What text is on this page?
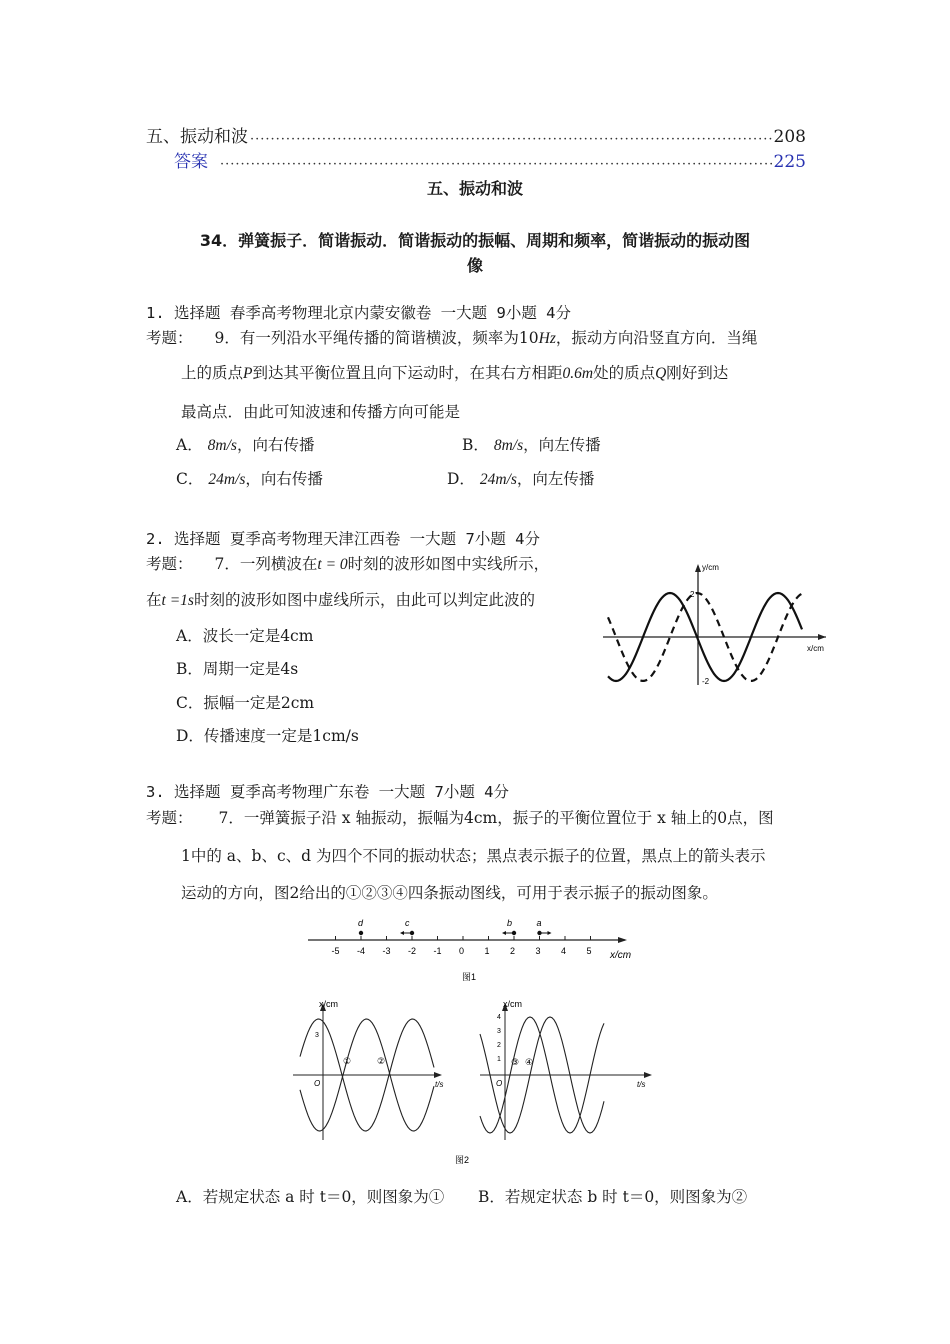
五、振动和波 ·····	208
答案 ·····	225
五、振动和波
34．弹簧振子．简谐振动．简谐振动的振幅、周期和频率，简谐振动的振动图
像
1. 选择题 春季高考物理北京内蒙安徽卷 一大题 9小题 4分
考题： 9．有一列沿水平绳传播的简谐横波，频率为10Hz，振动方向沿竖直方向．当绳
上的质点P到达其平衡位置且向下运动时，在其右方相距0.6m处的质点Q刚好到达
最高点．由此可知波速和传播方向可能是
A． 8m/s，向右传播	B． 8m/s，向左传播
C． 24m/s，向右传播	D． 24m/s，向左传播
2. 选择题 夏季高考物理天津江西卷 一大题 7小题 4分
考题： 7．一列横波在t = 0时刻的波形如图中实线所示，
在t =1s时刻的波形如图中虚线所示，由此可以判定此波的
A．波长一定是4cm
B．周期一定是4s
C．振幅一定是2cm
D．传播速度一定是1cm/s
y/cm
x/cm
2
-2
3. 选择题 夏季高考物理广东卷 一大题 7小题 4分
考题： 7．一弹簧振子沿 x 轴振动，振幅为4cm，振子的平衡位置位于 x 轴上的0点，图
1中的 a、b、c、d 为四个不同的振动状态；黑点表示振子的位置，黑点上的箭头表示
运动的方向，图2给出的①②③④四条振动图线，可用于表示振子的振动图象。
-5 -4 -3 -2 -1 0 1 2 3 4 5
d	c	b	a
x/cm
图1
x/cm
t/s
O
3
①	②
x/cm
t/s
O
4
3
2
1 ③ ④
图2
A．若规定状态 a 时 t＝0，则图象为① B．若规定状态 b 时 t＝0，则图象为②
